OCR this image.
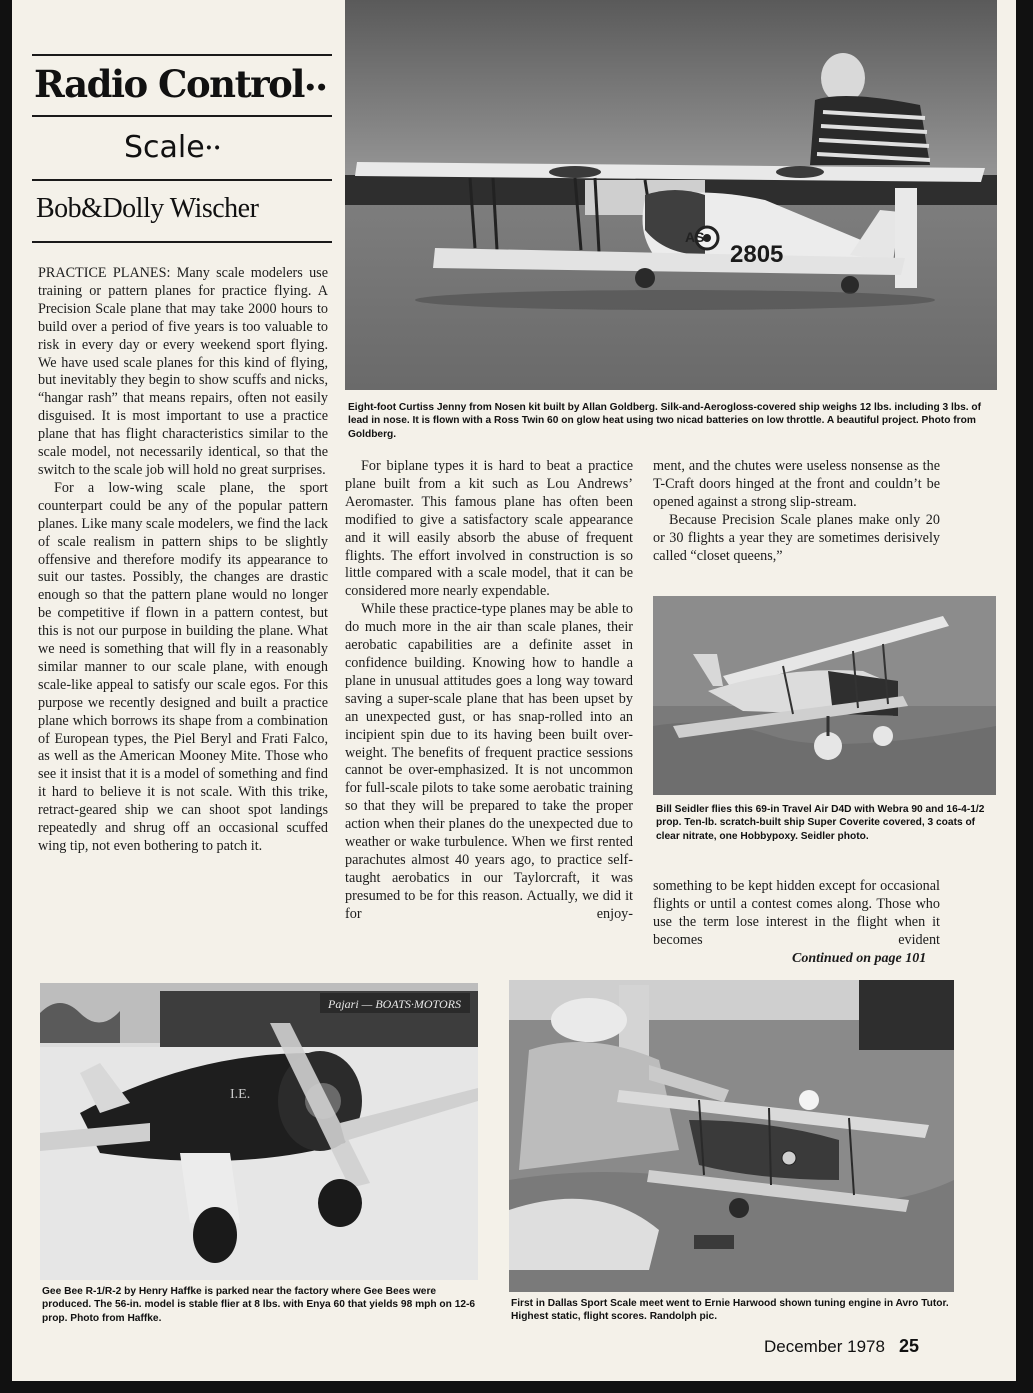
Radio Control••
Scale••
Bob&Dolly Wischer

PRACTICE PLANES: Many scale modelers use training or pattern planes for practice flying. A Precision Scale plane that may take 2000 hours to build over a period of five years is too valuable to risk in every day or every weekend sport flying. We have used scale planes for this kind of flying, but inevitably they begin to show scuffs and nicks, “hangar rash” that means repairs, often not easily disguised. It is most important to use a practice plane that has flight characteristics similar to the scale model, not necessarily identical, so that the switch to the scale job will hold no great surprises.

For a low-wing scale plane, the sport counterpart could be any of the popular pattern planes. Like many scale modelers, we find the lack of scale realism in pattern ships to be slightly offensive and therefore modify its appearance to suit our tastes. Possibly, the changes are drastic enough so that the pattern plane would no longer be competitive if flown in a pattern contest, but this is not our purpose in building the plane. What we need is something that will fly in a reasonably similar manner to our scale plane, with enough scale-like appeal to satisfy our scale egos. For this purpose we recently designed and built a practice plane which borrows its shape from a combination of European types, the Piel Beryl and Frati Falco, as well as the American Mooney Mite. Those who see it insist that it is a model of something and find it hard to believe it is not scale. With this trike, retract-geared ship we can shoot spot landings repeatedly and shrug off an occasional scuffed wing tip, not even bothering to patch it.

AS
2805
Eight-foot Curtiss Jenny from Nosen kit built by Allan Goldberg. Silk-and-Aerogloss-covered ship weighs 12 lbs. including 3 lbs. of lead in nose. It is flown with a Ross Twin 60 on glow heat using two nicad batteries on low throttle. A beautiful project. Photo from Goldberg.

For biplane types it is hard to beat a practice plane built from a kit such as Lou Andrews’ Aeromaster. This famous plane has often been modified to give a satisfactory scale appearance and it will easily absorb the abuse of frequent flights. The effort involved in construction is so little compared with a scale model, that it can be considered more nearly expendable.

While these practice-type planes may be able to do much more in the air than scale planes, their aerobatic capabilities are a definite asset in confidence building. Knowing how to handle a plane in unusual attitudes goes a long way toward saving a super-scale plane that has been upset by an unexpected gust, or has snap-rolled into an incipient spin due to its having been built over-weight. The benefits of frequent practice sessions cannot be over-emphasized. It is not uncommon for full-scale pilots to take some aerobatic training so that they will be prepared to take the proper action when their planes do the unexpected due to weather or wake turbulence. When we first rented parachutes almost 40 years ago, to practice self-taught aerobatics in our Taylorcraft, it was presumed to be for this reason. Actually, we did it for enjoy-

ment, and the chutes were useless nonsense as the T-Craft doors hinged at the front and couldn’t be opened against a strong slip-stream.

Because Precision Scale planes make only 20 or 30 flights a year they are sometimes derisively called “closet queens,”

Bill Seidler flies this 69-in Travel Air D4D with Webra 90 and 16-4-1/2 prop. Ten-lb. scratch-built ship Super Coverite covered, 3 coats of clear nitrate, one Hobbypoxy. Seidler photo.

something to be kept hidden except for occasional flights or until a contest comes along. Those who use the term lose interest in the flight when it becomes evident

Continued on page 101
Pajari — BOATS·MOTORS
I.E.
Gee Bee R-1/R-2 by Henry Haffke is parked near the factory where Gee Bees were produced. The 56-in. model is stable flier at 8 lbs. with Enya 60 that yields 98 mph on 12-6 prop. Photo from Haffke.
First in Dallas Sport Scale meet went to Ernie Harwood shown tuning engine in Avro Tutor. Highest static, flight scores. Randolph pic.
December 1978 25
